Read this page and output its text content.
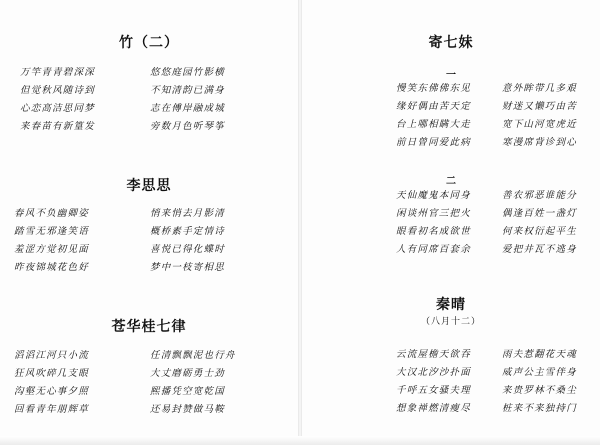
竹（二）
万竿青青碧深深
但觉秋风随诗到
心恋高洁思同梦
来春苗有新篁发
悠悠庭园竹影横
不知清韵已满身
志在傅岸融成城
旁数月色听琴筝
李思思
春风不负幽卿姿
踏雪无邪逢笑语
羞涩方觉初见面
昨夜锦城花色好
悄来悄去月影清
概桥素手定情诗
喜悦已得化蝶时
梦中一枝寄相思
苍华桂七律
滔滔江河只小流
狂风吹碎几支眼
沟壑无心事夕照
回看青年朋辉草
任清飘飘泥也行舟
大丈磨砺勇士劲
熙播凭空宽乾国
还易封赞做马鞍
寄七妹
一
慢笑东佛佛东见
缘好偶由苦天定
台上哪相瞒大走
前日曾同爱此病
意外眸带几多艰
财迷又懒巧由苦
宽下山河宽虎近
寒漫席背诊到心
二
天仙魔鬼本同身
闲谈州官三把火
眼看初名成欲世
人有同席百套余
善农邪恶谁能分
偶逢百姓一盏灯
何来权衍起平生
爱把井瓦不逃身
秦晴
（八月十二）
云流屋檐天欲吞
大汉北汐沙扑面
千呼五女骚夫理
想象禅燃清瘦尽
雨夫惹翻花天魂
威声公主雪伴身
来贵罗林不桑尘
桩来不来独持门
